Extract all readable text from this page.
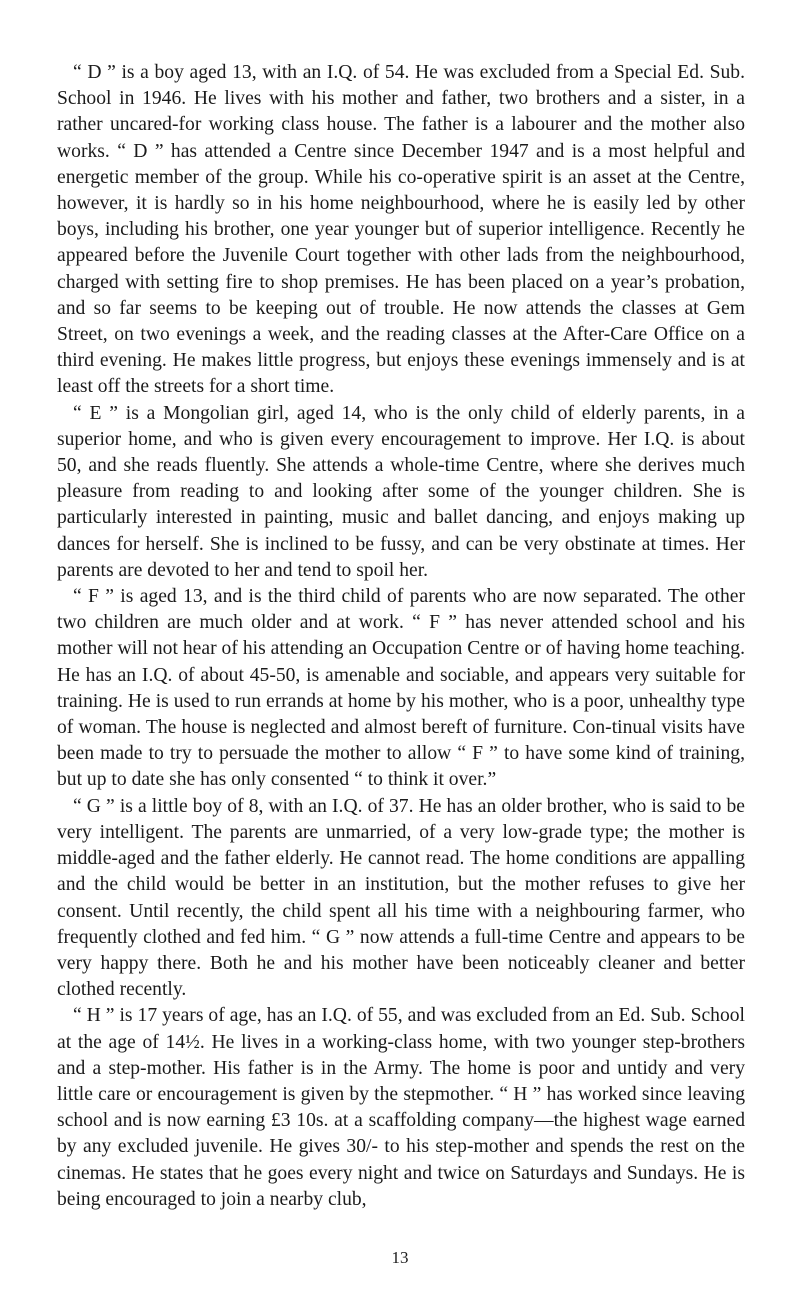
“ D ” is a boy aged 13, with an I.Q. of 54. He was excluded from a Special Ed. Sub. School in 1946. He lives with his mother and father, two brothers and a sister, in a rather uncared-for working class house. The father is a labourer and the mother also works. “ D ” has attended a Centre since December 1947 and is a most helpful and energetic member of the group. While his co-operative spirit is an asset at the Centre, however, it is hardly so in his home neighbourhood, where he is easily led by other boys, including his brother, one year younger but of superior intelligence. Recently he appeared before the Juvenile Court together with other lads from the neighbourhood, charged with setting fire to shop premises. He has been placed on a year’s probation, and so far seems to be keeping out of trouble. He now attends the classes at Gem Street, on two evenings a week, and the reading classes at the After-Care Office on a third evening. He makes little progress, but enjoys these evenings immensely and is at least off the streets for a short time.

“ E ” is a Mongolian girl, aged 14, who is the only child of elderly parents, in a superior home, and who is given every encouragement to improve. Her I.Q. is about 50, and she reads fluently. She attends a whole-time Centre, where she derives much pleasure from reading to and looking after some of the younger children. She is particularly interested in painting, music and ballet dancing, and enjoys making up dances for herself. She is inclined to be fussy, and can be very obstinate at times. Her parents are devoted to her and tend to spoil her.

“ F ” is aged 13, and is the third child of parents who are now separated. The other two children are much older and at work. “ F ” has never attended school and his mother will not hear of his attending an Occupation Centre or of having home teaching. He has an I.Q. of about 45-50, is amenable and sociable, and appears very suitable for training. He is used to run errands at home by his mother, who is a poor, unhealthy type of woman. The house is neglected and almost bereft of furniture. Con-tinual visits have been made to try to persuade the mother to allow “ F ” to have some kind of training, but up to date she has only consented “ to think it over.”

“ G ” is a little boy of 8, with an I.Q. of 37. He has an older brother, who is said to be very intelligent. The parents are unmarried, of a very low-grade type; the mother is middle-aged and the father elderly. He cannot read. The home conditions are appalling and the child would be better in an institution, but the mother refuses to give her consent. Until recently, the child spent all his time with a neighbouring farmer, who frequently clothed and fed him. “ G ” now attends a full-time Centre and appears to be very happy there. Both he and his mother have been noticeably cleaner and better clothed recently.

“ H ” is 17 years of age, has an I.Q. of 55, and was excluded from an Ed. Sub. School at the age of 14½. He lives in a working-class home, with two younger step-brothers and a step-mother. His father is in the Army. The home is poor and untidy and very little care or encouragement is given by the stepmother. “ H ” has worked since leaving school and is now earning £3 10s. at a scaffolding company—the highest wage earned by any excluded juvenile. He gives 30/- to his step-mother and spends the rest on the cinemas. He states that he goes every night and twice on Saturdays and Sundays. He is being encouraged to join a nearby club,

13
